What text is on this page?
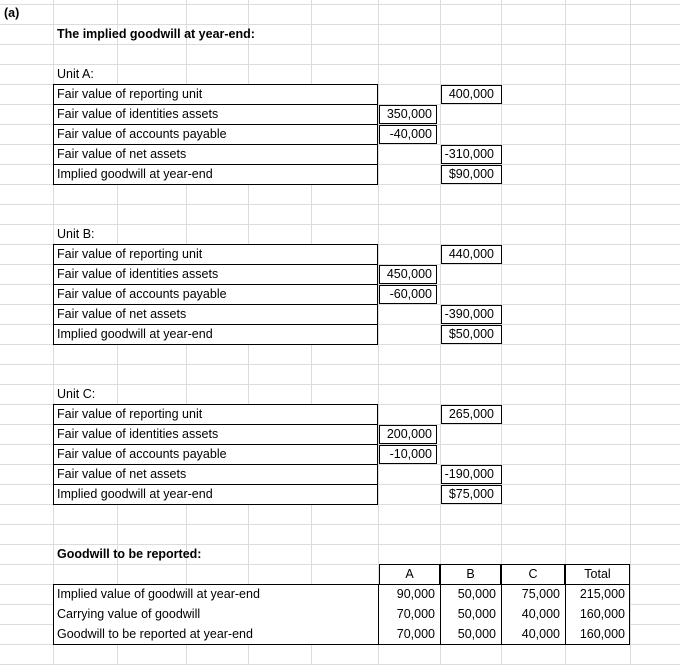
(a)
The implied goodwill at year-end:
Unit A:
Fair value of reporting unit	400,000
Fair value of identities assets	350,000
Fair value of accounts payable	-40,000
Fair value of net assets	-310,000
Implied goodwill at year-end	$90,000
Unit B:
Fair value of reporting unit	440,000
Fair value of identities assets	450,000
Fair value of accounts payable	-60,000
Fair value of net assets	-390,000
Implied goodwill at year-end	$50,000
Unit C:
Fair value of reporting unit	265,000
Fair value of identities assets	200,000
Fair value of accounts payable	-10,000
Fair value of net assets	-190,000
Implied goodwill at year-end	$75,000
Goodwill to be reported:
A	B	C	Total
Implied value of goodwill at year-end	90,000	50,000	75,000	215,000
Carrying value of goodwill	70,000	50,000	40,000	160,000
Goodwill to be reported at year-end	70,000	50,000	40,000	160,000
